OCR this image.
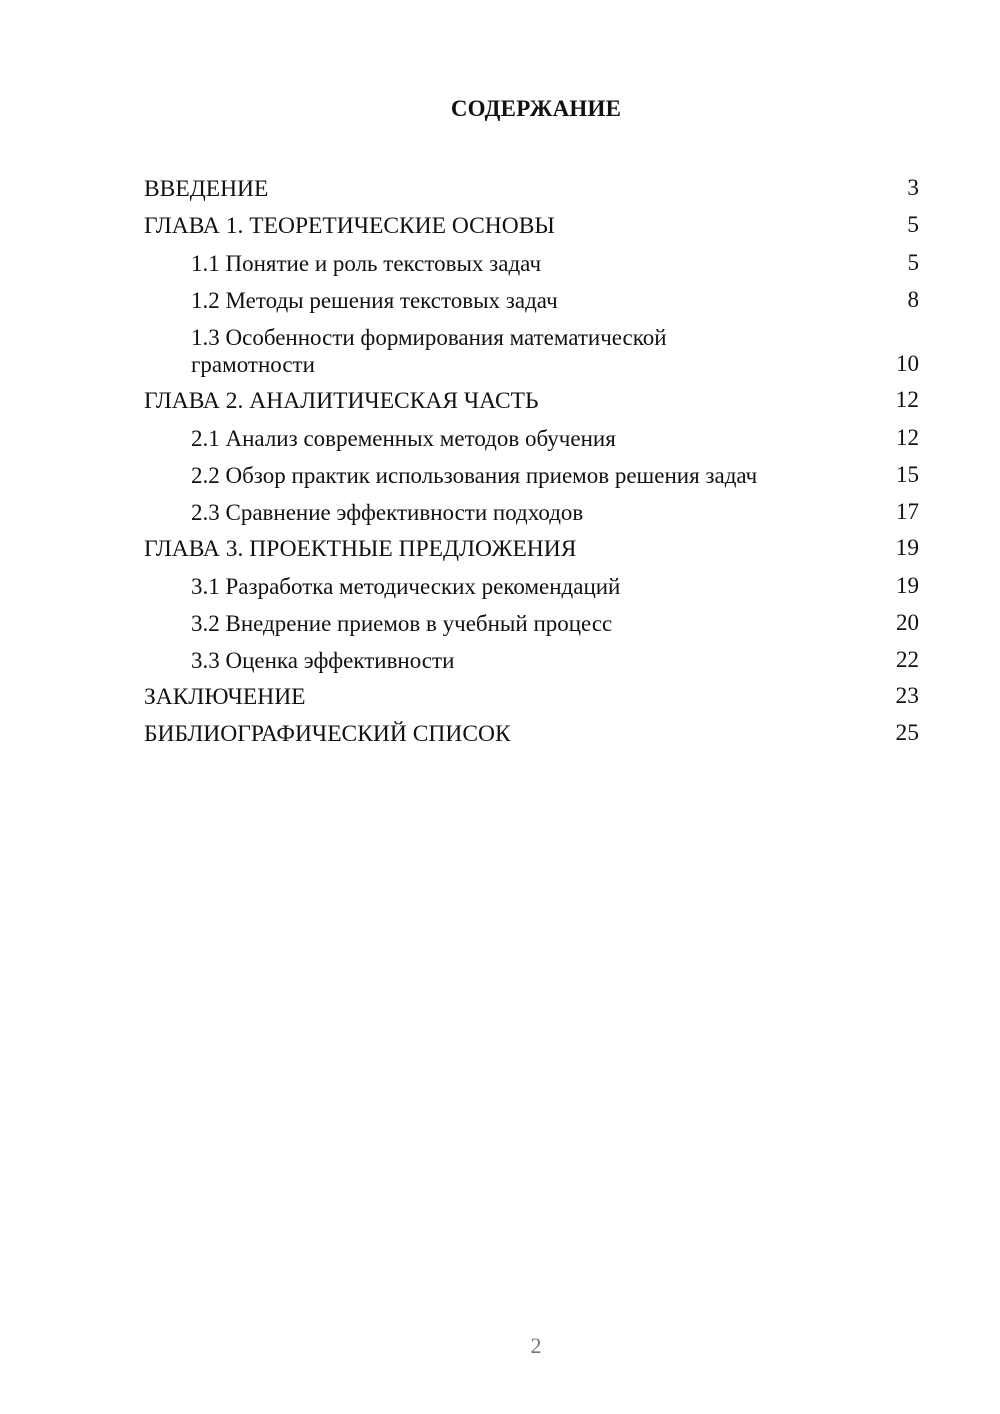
СОДЕРЖАНИЕ
ВВЕДЕНИЕ	3
ГЛАВА 1. ТЕОРЕТИЧЕСКИЕ ОСНОВЫ	5
1.1 Понятие и роль текстовых задач	5
1.2 Методы решения текстовых задач	8
1.3 Особенности формирования математической грамотности	10
ГЛАВА 2. АНАЛИТИЧЕСКАЯ ЧАСТЬ	12
2.1 Анализ современных методов обучения	12
2.2 Обзор практик использования приемов решения задач	15
2.3 Сравнение эффективности подходов	17
ГЛАВА 3. ПРОЕКТНЫЕ ПРЕДЛОЖЕНИЯ	19
3.1 Разработка методических рекомендаций	19
3.2 Внедрение приемов в учебный процесс	20
3.3 Оценка эффективности	22
ЗАКЛЮЧЕНИЕ	23
БИБЛИОГРАФИЧЕСКИЙ СПИСОК	25
2
